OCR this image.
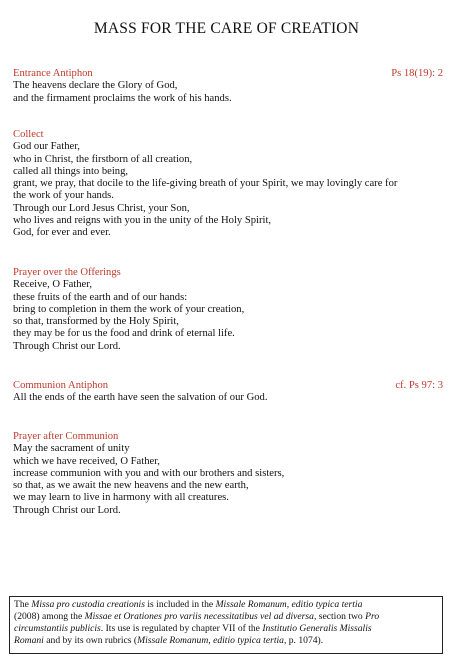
MASS FOR THE CARE OF CREATION
Entrance Antiphon	Ps 18(19): 2
The heavens declare the Glory of God,
and the firmament proclaims the work of his hands.
Collect
God our Father,
who in Christ, the firstborn of all creation,
called all things into being,
grant, we pray, that docile to the life-giving breath of your Spirit, we may lovingly care for
the work of your hands.
Through our Lord Jesus Christ, your Son,
who lives and reigns with you in the unity of the Holy Spirit,
God, for ever and ever.
Prayer over the Offerings
Receive, O Father,
these fruits of the earth and of our hands:
bring to completion in them the work of your creation,
so that, transformed by the Holy Spirit,
they may be for us the food and drink of eternal life.
Through Christ our Lord.
Communion Antiphon	cf. Ps 97: 3
All the ends of the earth have seen the salvation of our God.
Prayer after Communion
May the sacrament of unity
which we have received, O Father,
increase communion with you and with our brothers and sisters,
so that, as we await the new heavens and the new earth,
we may learn to live in harmony with all creatures.
Through Christ our Lord.
The Missa pro custodia creationis is included in the Missale Romanum, editio typica tertia
(2008) among the Missae et Orationes pro variis necessitatibus vel ad diversa, section two Pro
circumstantiis publicis. Its use is regulated by chapter VII of the Institutio Generalis Missalis
Romani and by its own rubrics (Missale Romanum, editio typica tertia, p. 1074).
